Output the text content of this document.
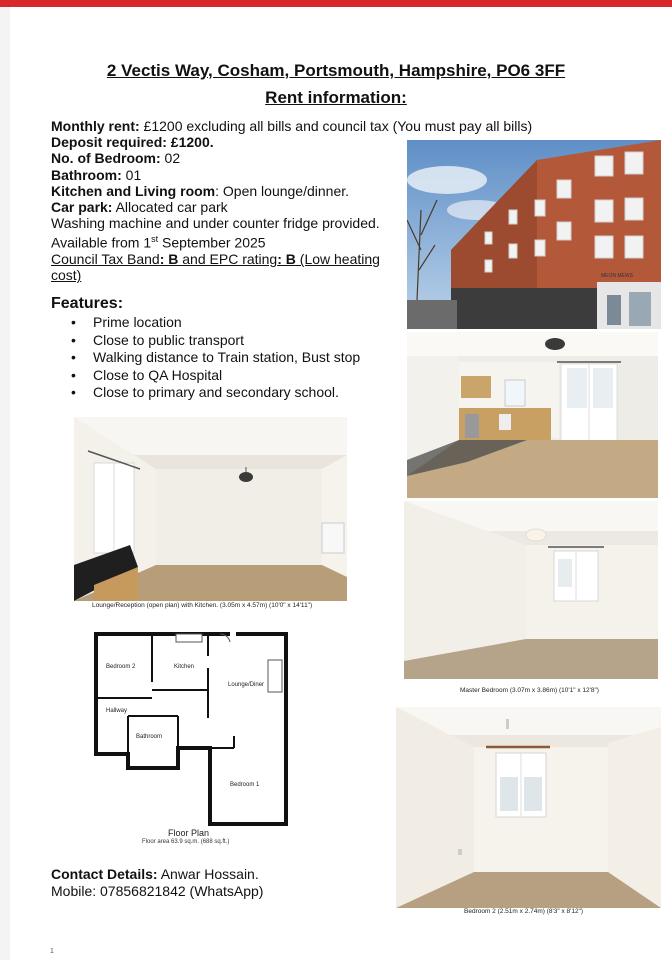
2 Vectis Way, Cosham, Portsmouth, Hampshire, PO6 3FF
Rent information:
Monthly rent: £1200 excluding all bills and council tax (You must pay all bills)
Deposit required: £1200.
No. of Bedroom: 02
Bathroom: 01
Kitchen and Living room: Open lounge/dinner.
Car park: Allocated car park
Washing machine and under counter fridge provided.
Available from 1st September 2025
Council Tax Band: B and EPC rating: B (Low heating
cost)
Features:
• Prime location
• Close to public transport
• Walking distance to Train station, Bust stop
• Close to QA Hospital
• Close to primary and secondary school.
MEON MEWS
Lounge/Reception (open plan) with Kitchen. (3.05m x 4.57m) (10'0" x 14'11")
Master Bedroom (3.07m x 3.86m) (10'1" x 12'8")
Bedroom 2 (2.51m x 2.74m) (8'3" x 8'12")
Bedroom 2	Kitchen
Lounge/Diner
Hallway
Bathroom
Bedroom 1
Floor Plan
Floor area 63.9 sq.m. (688 sq.ft.)
Contact Details: Anwar Hossain.
Mobile: 07856821842 (WhatsApp)
1
